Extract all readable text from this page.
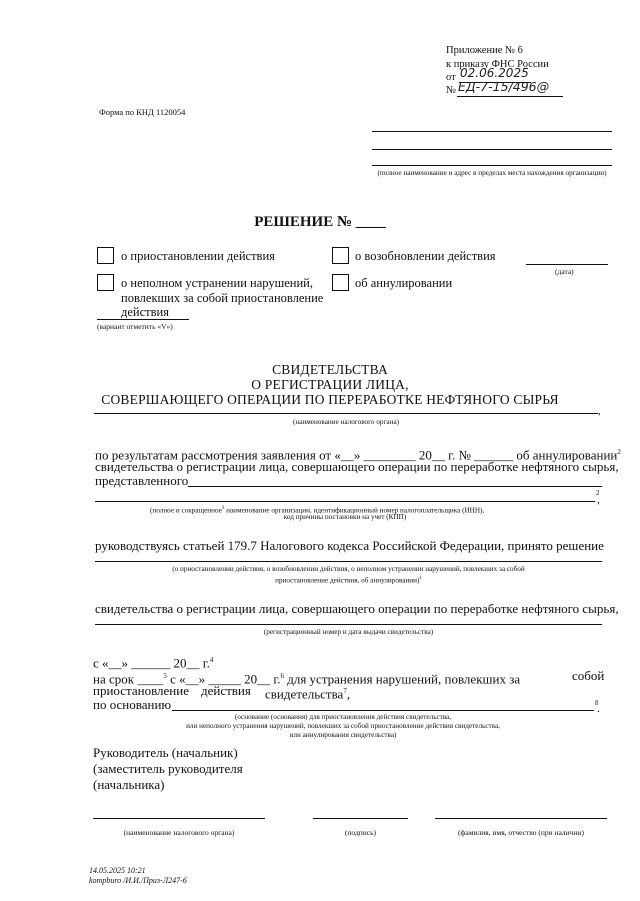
Приложение № 6
к приказу ФНС России
от 02.06.2025
№ ЕД-7-15/496@
Форма по КНД 1120054
(полное наименование и адрес в пределах места нахождения организации)
РЕШЕНИЕ № ____
о приостановлении действия	о возобновлении действия
(дата)
о неполном устранении нарушений,
повлекших за собой приостановление
действия
об аннулировании
(вариант отметить «V»)
СВИДЕТЕЛЬСТВА
О РЕГИСТРАЦИИ ЛИЦА,
СОВЕРШАЮЩЕГО ОПЕРАЦИИ ПО ПЕРЕРАБОТКЕ НЕФТЯНОГО СЫРЬЯ
,
(наименование налогового органа)
по результатам рассмотрения заявления от «__» ________ 20__ г. № ______ об аннулировании$^2$
свидетельства о регистрации лица, совершающего операции по переработке нефтяного сырья,
представленного
2
,
(полное и сокращенное$^3$ наименование организации, идентификационный номер налогоплательщика (ИНН),
код причины постановки на учет (КПП)
руководствуясь статьей 179.7 Налогового кодекса Российской Федерации, принято решение
(о приостановлении действия, о возобновлении действия, о неполном устранении нарушений, повлекших за собой
приостановление действия, об аннулировании)$^1$
свидетельства о регистрации лица, совершающего операции по переработке нефтяного сырья,
(регистрационный номер и дата выдачи свидетельства)
с «__» ______ 20__ г.$^4$
на срок ____$^5$ с «__» _____ 20__ г.$^6$ для устранения нарушений, повлекших за	собой
приостановление действия свидетельства$^7$,
по основанию	8
.
(основание (основания) для приостановления действия свидетельства,
или неполного устранения нарушений, повлекших за собой приостановление действия свидетельства,
или аннулирования свидетельства)
Руководитель (начальник)
(заместитель руководителя
(начальника)
(наименование налогового органа)	(подпись)	(фамилия, имя, отчество (при наличии)
14.05.2025 10:21
kompburo /И.И./Приз-Л247-6
